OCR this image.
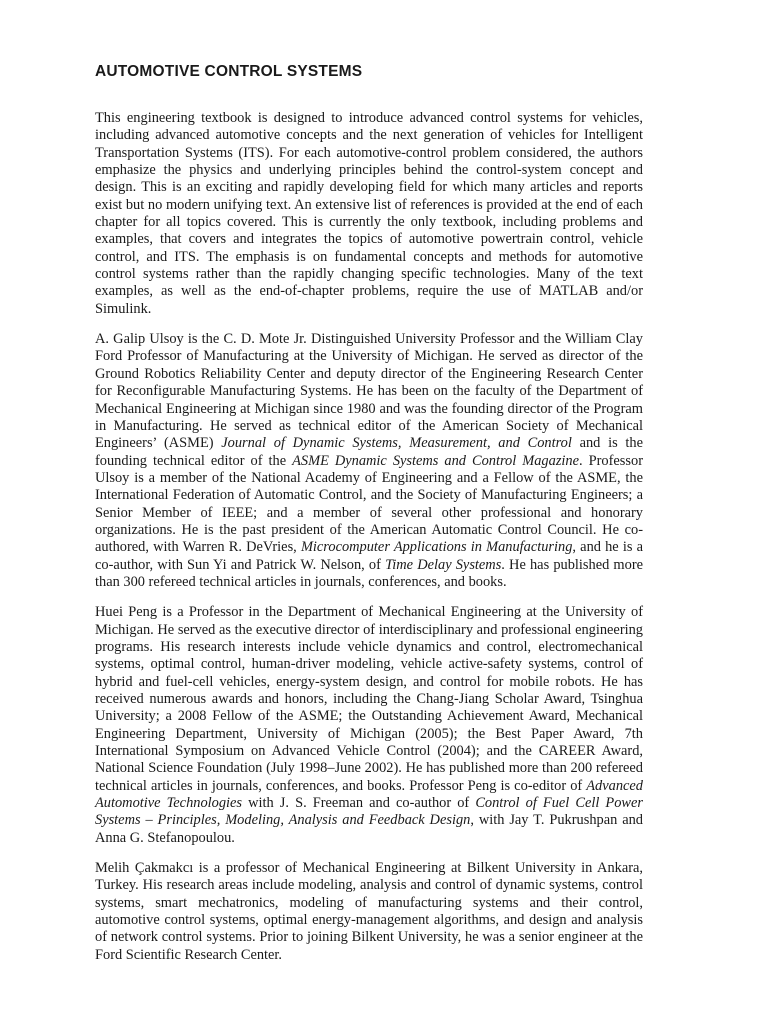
AUTOMOTIVE CONTROL SYSTEMS

This engineering textbook is designed to introduce advanced control systems for vehicles, including advanced automotive concepts and the next generation of vehicles for Intelligent Transportation Systems (ITS). For each automotive-control problem considered, the authors emphasize the physics and underlying principles behind the control-system concept and design. This is an exciting and rapidly developing field for which many articles and reports exist but no modern unifying text. An extensive list of references is provided at the end of each chapter for all topics covered. This is currently the only textbook, including problems and examples, that covers and integrates the topics of automotive powertrain control, vehicle control, and ITS. The emphasis is on fundamental concepts and methods for automotive control systems rather than the rapidly changing specific technologies. Many of the text examples, as well as the end-of-chapter problems, require the use of MATLAB and/or Simulink.

A. Galip Ulsoy is the C. D. Mote Jr. Distinguished University Professor and the William Clay Ford Professor of Manufacturing at the University of Michigan. He served as director of the Ground Robotics Reliability Center and deputy director of the Engineering Research Center for Reconfigurable Manufacturing Systems. He has been on the faculty of the Department of Mechanical Engineering at Michigan since 1980 and was the founding director of the Program in Manufacturing. He served as technical editor of the American Society of Mechanical Engineers’ (ASME) Journal of Dynamic Systems, Measurement, and Control and is the founding technical editor of the ASME Dynamic Systems and Control Magazine. Professor Ulsoy is a member of the National Academy of Engineering and a Fellow of the ASME, the International Federation of Automatic Control, and the Society of Manufacturing Engineers; a Senior Member of IEEE; and a member of several other professional and honorary organizations. He is the past president of the American Automatic Control Council. He co-authored, with Warren R. DeVries, Microcomputer Applications in Manufacturing, and he is a co-author, with Sun Yi and Patrick W. Nelson, of Time Delay Systems. He has published more than 300 refereed technical articles in journals, conferences, and books.

Huei Peng is a Professor in the Department of Mechanical Engineering at the University of Michigan. He served as the executive director of interdisciplinary and professional engineering programs. His research interests include vehicle dynamics and control, electromechanical systems, optimal control, human-driver modeling, vehicle active-safety systems, control of hybrid and fuel-cell vehicles, energy-system design, and control for mobile robots. He has received numerous awards and honors, including the Chang-Jiang Scholar Award, Tsinghua University; a 2008 Fellow of the ASME; the Outstanding Achievement Award, Mechanical Engineering Department, University of Michigan (2005); the Best Paper Award, 7th International Symposium on Advanced Vehicle Control (2004); and the CAREER Award, National Science Foundation (July 1998–June 2002). He has published more than 200 refereed technical articles in journals, conferences, and books. Professor Peng is co-editor of Advanced Automotive Technologies with J. S. Freeman and co-author of Control of Fuel Cell Power Systems – Principles, Modeling, Analysis and Feedback Design, with Jay T. Pukrushpan and Anna G. Stefanopoulou.

Melih Çakmakcı is a professor of Mechanical Engineering at Bilkent University in Ankara, Turkey. His research areas include modeling, analysis and control of dynamic systems, control systems, smart mechatronics, modeling of manufacturing systems and their control, automotive control systems, optimal energy-management algorithms, and design and analysis of network control systems. Prior to joining Bilkent University, he was a senior engineer at the Ford Scientific Research Center.
